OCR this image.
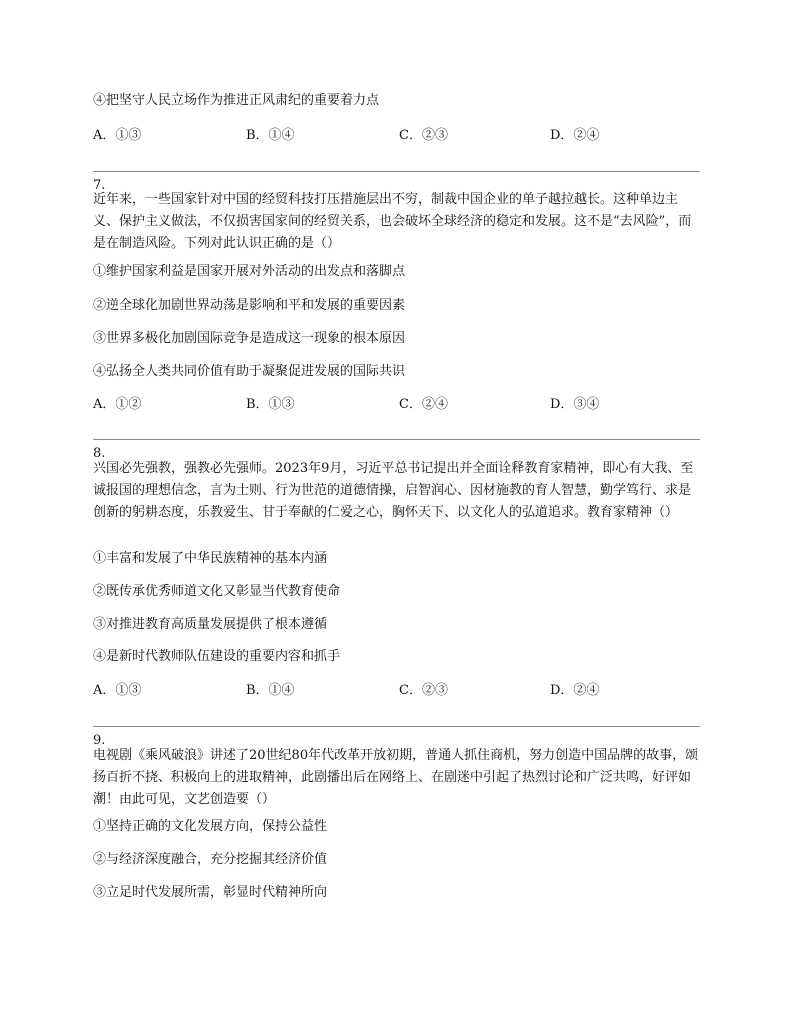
④把坚守人民立场作为推进正风肃纪的重要着力点
A．①③	B．①④	C．②③	D．②④
7.
近年来，一些国家针对中国的经贸科技打压措施层出不穷，制裁中国企业的单子越拉越长。这种单边主义、保护主义做法，不仅损害国家间的经贸关系，也会破坏全球经济的稳定和发展。这不是“去风险”，而是在制造风险。下列对此认识正确的是（）
①维护国家利益是国家开展对外活动的出发点和落脚点
②逆全球化加剧世界动荡是影响和平和发展的重要因素
③世界多极化加剧国际竞争是造成这一现象的根本原因
④弘扬全人类共同价值有助于凝聚促进发展的国际共识
A．①②	B．①③	C．②④	D．③④
8.
兴国必先强教，强教必先强师。2023年9月，习近平总书记提出并全面诠释教育家精神，即心有大我、至诚报国的理想信念，言为士则、行为世范的道德情操，启智润心、因材施教的育人智慧，勤学笃行、求是创新的躬耕态度，乐教爱生、甘于奉献的仁爱之心，胸怀天下、以文化人的弘道追求。教育家精神（）
①丰富和发展了中华民族精神的基本内涵
②既传承优秀师道文化又彰显当代教育使命
③对推进教育高质量发展提供了根本遵循
④是新时代教师队伍建设的重要内容和抓手
A．①③	B．①④	C．②③	D．②④
9.
电视剧《乘风破浪》讲述了20世纪80年代改革开放初期，普通人抓住商机，努力创造中国品牌的故事，颂扬百折不挠、积极向上的进取精神，此剧播出后在网络上、在剧迷中引起了热烈讨论和广泛共鸣，好评如潮！由此可见，文艺创造要（）
①坚持正确的文化发展方向，保持公益性
②与经济深度融合，充分挖掘其经济价值
③立足时代发展所需，彰显时代精神所向
